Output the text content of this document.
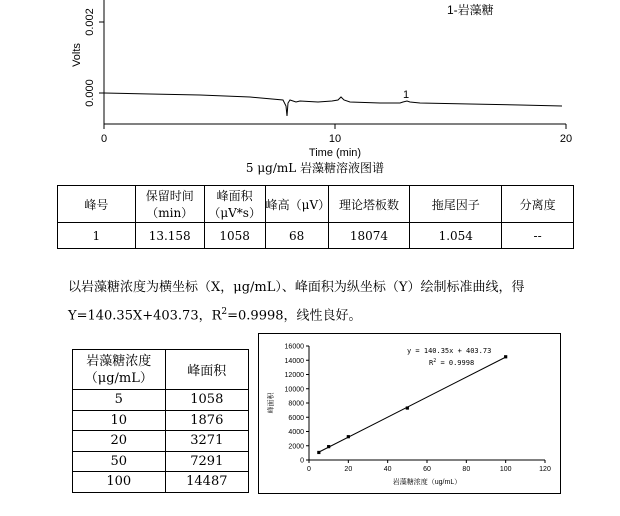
0.002
0.000
Volts
0	10	20
Time (min)
1-岩藻糖
1
5 μg/mL 岩藻糖溶液图谱
峰号	保留时间（min）	峰面积（μV*s）	峰高（μV）	理论塔板数	拖尾因子	分离度
1	13.158	1058	68	18074	1.054	--
以岩藻糖浓度为横坐标（X，μg/mL）、峰面积为纵坐标（Y）绘制标准曲线，得
Y=140.35X+403.73，$R^2=0.9998$，线性良好。
岩藻糖浓度（μg/mL）	峰面积
5	1058
10	1876
20	3271
50	7291
100	14487
0
2000
4000
6000
8000
10000
12000
14000
16000
0	20	40	60	80	100	120
岩藻糖浓度（ug/mL）
峰面积
y = 140.35x + 403.73
$R^2 = 0.9998$
